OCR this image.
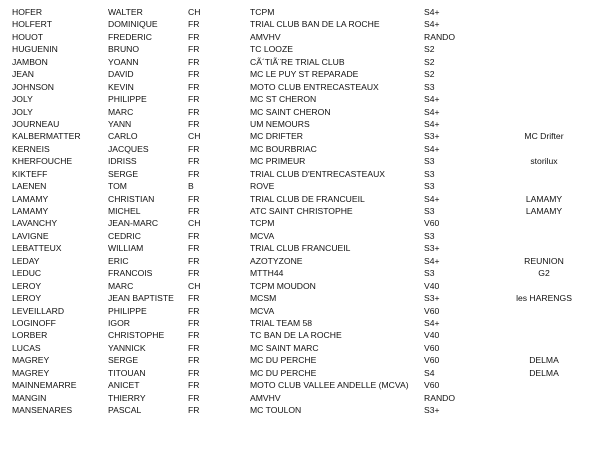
HOFER	WALTER	CH	TCPM	S4+
HOLFERT	DOMINIQUE	FR	TRIAL CLUB BAN DE LA ROCHE	S4+
HOUOT	FREDERIC	FR	AMVHV	RANDO
HUGUENIN	BRUNO	FR	TC LOOZE	S2
JAMBON	YOANN	FR	CÃ´TIÃ¨RE TRIAL CLUB	S2
JEAN	DAVID	FR	MC LE PUY ST REPARADE	S2
JOHNSON	KEVIN	FR	MOTO CLUB ENTRECASTEAUX	S3
JOLY	PHILIPPE	FR	MC ST CHERON	S4+
JOLY	MARC	FR	MC SAINT CHERON	S4+
JOURNEAU	YANN	FR	UM NEMOURS	S4+
KALBERMATTER	CARLO	CH	MC DRIFTER	S3+	MC Drifter
KERNEIS	JACQUES	FR	MC BOURBRIAC	S4+
KHERFOUCHE	IDRISS	FR	MC PRIMEUR	S3	storilux
KIKTEFF	SERGE	FR	TRIAL CLUB D'ENTRECASTEAUX	S3
LAENEN	TOM	B	ROVE	S3
LAMAMY	CHRISTIAN	FR	TRIAL CLUB DE FRANCUEIL	S4+	LAMAMY
LAMAMY	MICHEL	FR	ATC SAINT CHRISTOPHE	S3	LAMAMY
LAVANCHY	JEAN-MARC	CH	TCPM	V60
LAVIGNE	CEDRIC	FR	MCVA	S3
LEBATTEUX	WILLIAM	FR	TRIAL CLUB FRANCUEIL	S3+
LEDAY	ERIC	FR	AZOTYZONE	S4+	REUNION
LEDUC	FRANCOIS	FR	MTTH44	S3	G2
LEROY	MARC	CH	TCPM MOUDON	V40
LEROY	JEAN BAPTISTE FR	MCSM	S3+	les HARENGS
LEVEILLARD	PHILIPPE	FR	MCVA	V60
LOGINOFF	IGOR	FR	TRIAL TEAM 58	S4+
LORBER	CHRISTOPHE	FR	TC BAN DE LA ROCHE	V40
LUCAS	YANNICK	FR	MC SAINT MARC	V60
MAGREY	SERGE	FR	MC DU PERCHE	V60	DELMA
MAGREY	TITOUAN	FR	MC DU PERCHE	S4	DELMA
MAINNEMARRE	ANICET	FR	MOTO CLUB VALLEE ANDELLE (MCVA) V60
MANGIN	THIERRY	FR	AMVHV	RANDO
MANSENARES	PASCAL	FR	MC TOULON	S3+
